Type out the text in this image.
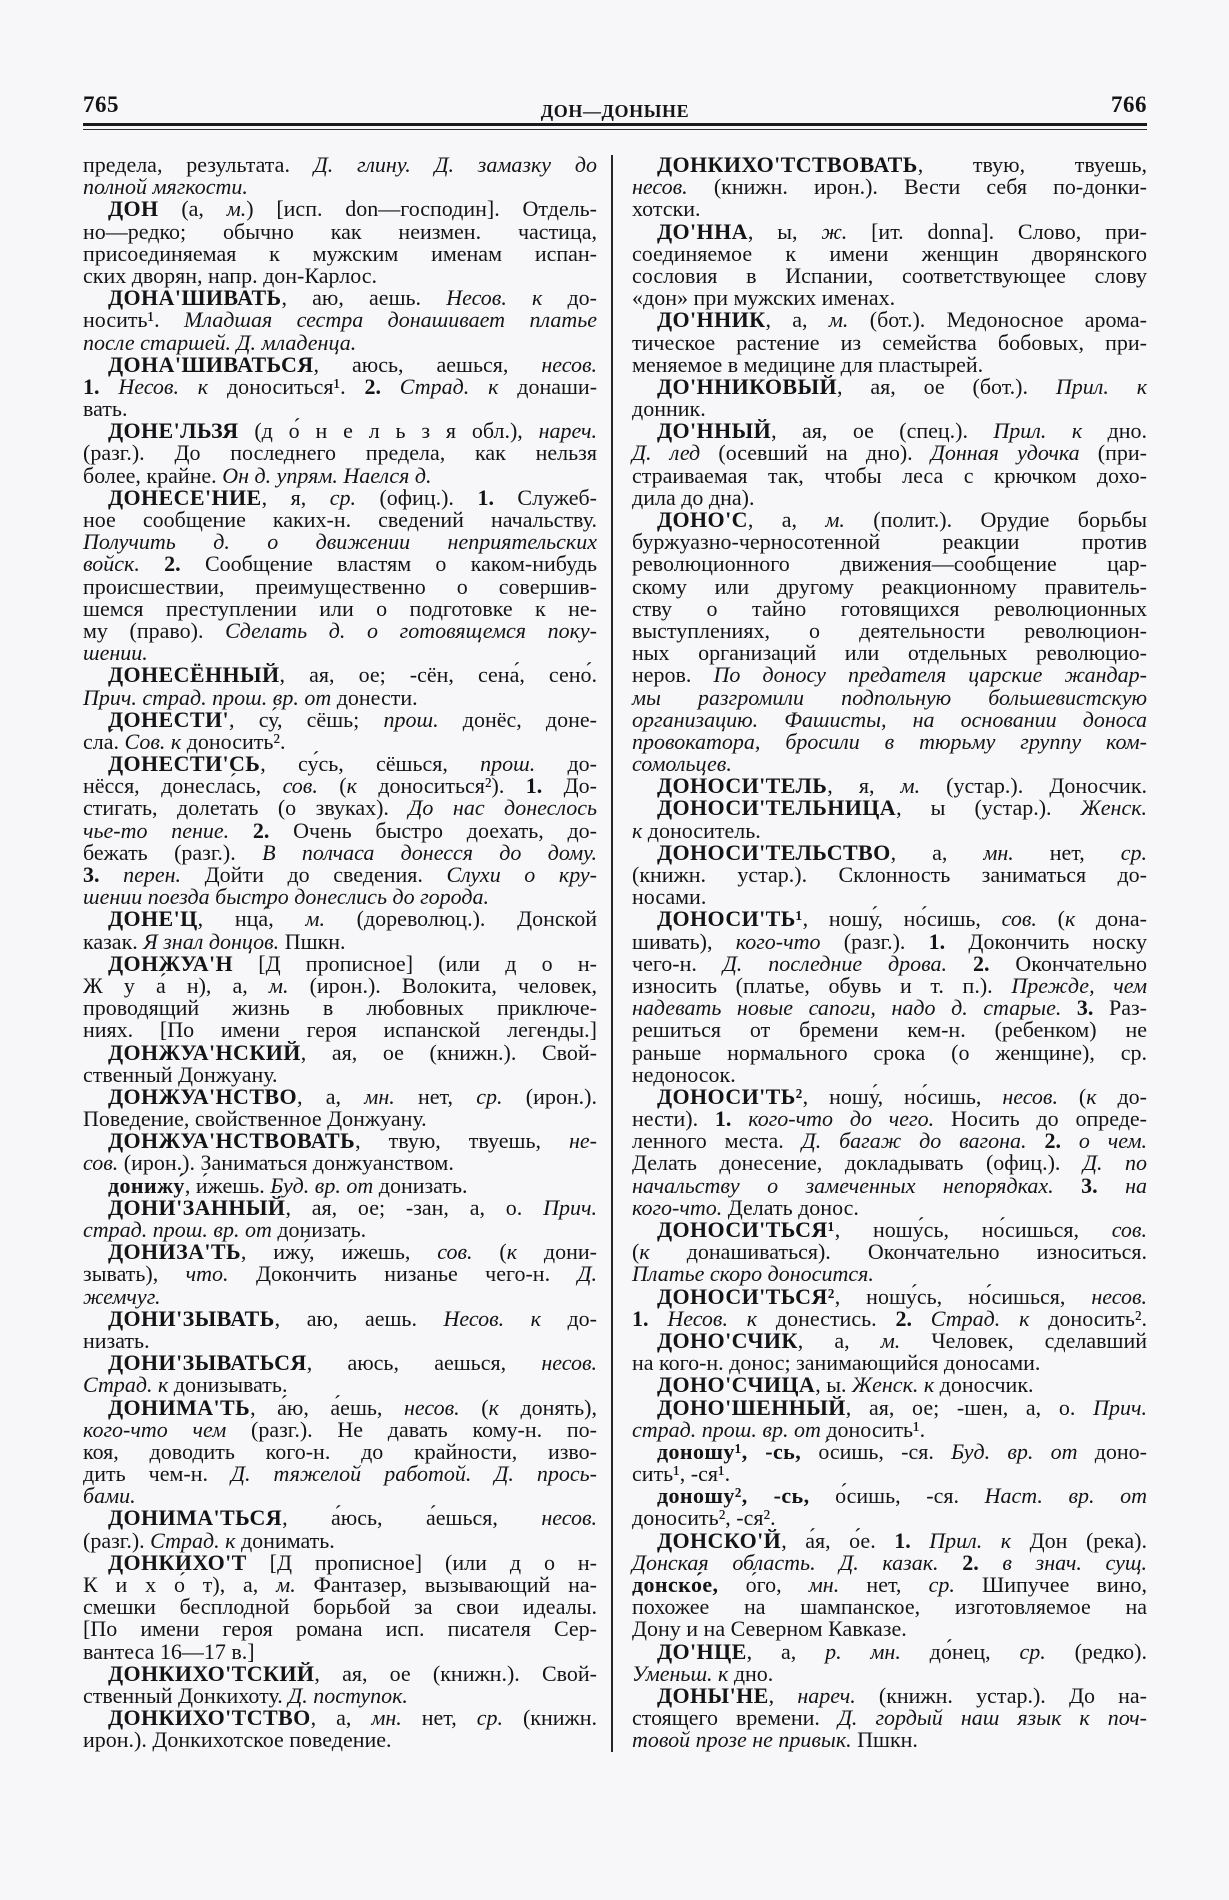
765	ДОН—ДОНЫНЕ	766
предела, результата. Д. глину. Д. замазку до
полной мягкости.
ДОН (а, м.) [исп. don—господин]. Отдель-
но—редко; обычно как неизмен. частица,
присоединяемая к мужским именам испан-
ских дворян, напр. дон-Карлос.
ДОНА'ШИВАТЬ, аю, аешь. Несов. к до-
носить¹. Младшая сестра донашивает платье
после старшей. Д. младенца.
ДОНА'ШИВАТЬСЯ, аюсь, аешься, несов.
1. Несов. к доноситься¹. 2. Страд. к донаши-
вать.
ДОНЕ'ЛЬЗЯ (д о́ н е л ь з я обл.), нареч.
(разг.). До последнего предела, как нельзя
более, крайне. Он д. упрям. Наелся д.
ДОНЕСЕ'НИЕ, я, ср. (офиц.). 1. Служеб-
ное сообщение каких-н. сведений начальству.
Получить д. о движении неприятельских
войск. 2. Сообщение властям о каком-нибудь
происшествии, преимущественно о совершив-
шемся преступлении или о подготовке к не-
му (право). Сделать д. о готовящемся поку-
шении.
ДОНЕСЁННЫЙ, ая, ое; -сён, сена́, сено́.
Прич. страд. прош. вр. от донести.
ДОНЕСТИ', су́, сёшь; прош. донёс, доне-
сла́. Сов. к доносить².
ДОНЕСТИ'СЬ, су́сь, сёшься, прош. до-
нёсся, донесла́сь, сов. (к доноситься²). 1. До-
стигать, долетать (о звуках). До нас донеслось
чье-то пение. 2. Очень быстро доехать, до-
бежать (разг.). В полчаса донесся до дому.
3. перен. Дойти до сведения. Слухи о кру-
шении поезда быстро донеслись до города.
ДОНЕ'Ц, нца́, м. (дореволюц.). Донской
казак. Я знал донцов. Пшкн.
ДОНЖУА'Н [Д прописное] (или д о н-
Ж у а́ н), а, м. (ирон.). Волокита, человек,
проводящий жизнь в любовных приключе-
ниях. [По имени героя испанской легенды.]
ДОНЖУА'НСКИЙ, ая, ое (книжн.). Свой-
ственный Донжуану.
ДОНЖУА'НСТВО, а, мн. нет, ср. (ирон.).
Поведение, свойственное Донжуану.
ДОНЖУА'НСТВОВАТЬ, твую, твуешь, не-
сов. (ирон.). Заниматься донжуанством.
донижу́, и́жешь. Буд. вр. от донизать.
ДОНИ'ЗАННЫЙ, ая, ое; -зан, а, о. Прич.
страд. прош. вр. от донизать.
ДОНИЗА'ТЬ, ижу́, и́жешь, сов. (к дони-
зывать), что. Докончить низанье чего-н. Д.
жемчуг.
ДОНИ'ЗЫВАТЬ, аю, аешь. Несов. к до-
низать.
ДОНИ'ЗЫВАТЬСЯ, аюсь, аешься, несов.
Страд. к донизывать.
ДОНИМА'ТЬ, а́ю, а́ешь, несов. (к донять),
кого-что чем (разг.). Не давать кому-н. по-
коя, доводить кого-н. до крайности, изво-
дить чем-н. Д. тяжелой работой. Д. прось-
бами.
ДОНИМА'ТЬСЯ, а́юсь, а́ешься, несов.
(разг.). Страд. к донимать.
ДОНКИХО'Т [Д прописное] (или д о н-
К и х о́ т), а, м. Фантазер, вызывающий на-
смешки бесплодной борьбой за свои идеалы.
[По имени героя романа исп. писателя Сер-
вантеса 16—17 в.]
ДОНКИХО'ТСКИЙ, ая, ое (книжн.). Свой-
ственный Донкихоту. Д. поступок.
ДОНКИХО'ТСТВО, а, мн. нет, ср. (книжн.
ирон.). Донкихотское поведение.
ДОНКИХО'ТСТВОВАТЬ, твую, твуешь,
несов. (книжн. ирон.). Вести себя по-донки-
хотски.
ДО'ННА, ы, ж. [ит. donna]. Слово, при-
соединяемое к имени женщин дворянского
сословия в Испании, соответствующее слову
«дон» при мужских именах.
ДО'ННИК, а, м. (бот.). Медоносное арома-
тическое растение из семейства бобовых, при-
меняемое в медицине для пластырей.
ДО'ННИКОВЫЙ, ая, ое (бот.). Прил. к
донник.
ДО'ННЫЙ, ая, ое (спец.). Прил. к дно.
Д. лед (осевший на дно). Донная удочка (при-
страиваемая так, чтобы леса с крючком дохо-
дила до дна).
ДОНО'С, а, м. (полит.). Орудие борьбы
буржуазно-черносотенной реакции против
революционного движения—сообщение цар-
скому или другому реакционному правитель-
ству о тайно готовящихся революционных
выступлениях, о деятельности революцион-
ных организаций или отдельных революцио-
неров. По доносу предателя царские жандар-
мы разгромили подпольную большевистскую
организацию. Фашисты, на основании доноса
провокатора, бросили в тюрьму группу ком-
сомольцев.
ДОНОСИ'ТЕЛЬ, я, м. (устар.). Доносчик.
ДОНОСИ'ТЕЛЬНИЦА, ы (устар.). Женск.
к доноситель.
ДОНОСИ'ТЕЛЬСТВО, а, мн. нет, ср.
(книжн. устар.). Склонность заниматься до-
носами.
ДОНОСИ'ТЬ¹, ношу́, но́сишь, сов. (к дона-
шивать), кого-что (разг.). 1. Докончить носку
чего-н. Д. последние дрова. 2. Окончательно
износить (платье, обувь и т. п.). Прежде, чем
надевать новые сапоги, надо д. старые. 3. Раз-
решиться от бремени кем-н. (ребенком) не
раньше нормального срока (о женщине), ср.
недоносок.
ДОНОСИ'ТЬ², ношу́, но́сишь, несов. (к до-
нести). 1. кого-что до чего. Носить до опреде-
ленного места. Д. багаж до вагона. 2. о чем.
Делать донесение, докладывать (офиц.). Д. по
начальству о замеченных непорядках. 3. на
кого-что. Делать донос.
ДОНОСИ'ТЬСЯ¹, ношу́сь, но́сишься, сов.
(к донашиваться). Окончательно износиться.
Платье скоро доносится.
ДОНОСИ'ТЬСЯ², ношу́сь, но́сишься, несов.
1. Несов. к донестись. 2. Страд. к доносить².
ДОНО'СЧИК, а, м. Человек, сделавший
на кого-н. донос; занимающийся доносами.
ДОНО'СЧИЦА, ы. Женск. к доносчик.
ДОНО'ШЕННЫЙ, ая, ое; -шен, а, о. Прич.
страд. прош. вр. от доносить¹.
доношу¹, -сь, о́сишь, -ся. Буд. вр. от доно-
сить¹, -ся¹.
доношу², -сь, о́сишь, -ся. Наст. вр. от
доносить², -ся².
ДОНСКО'Й, а́я, о́е. 1. Прил. к Дон (река).
Донская область. Д. казак. 2. в знач. сущ.
донско́е, о́го, мн. нет, ср. Шипучее вино,
похожее на шампанское, изготовляемое на
Дону и на Северном Кавказе.
ДО'НЦЕ, а, р. мн. до́нец, ср. (редко).
Уменьш. к дно.
ДОНЫ'НЕ, нареч. (книжн. устар.). До на-
стоящего времени. Д. гордый наш язык к поч-
товой прозе не привык. Пшкн.
